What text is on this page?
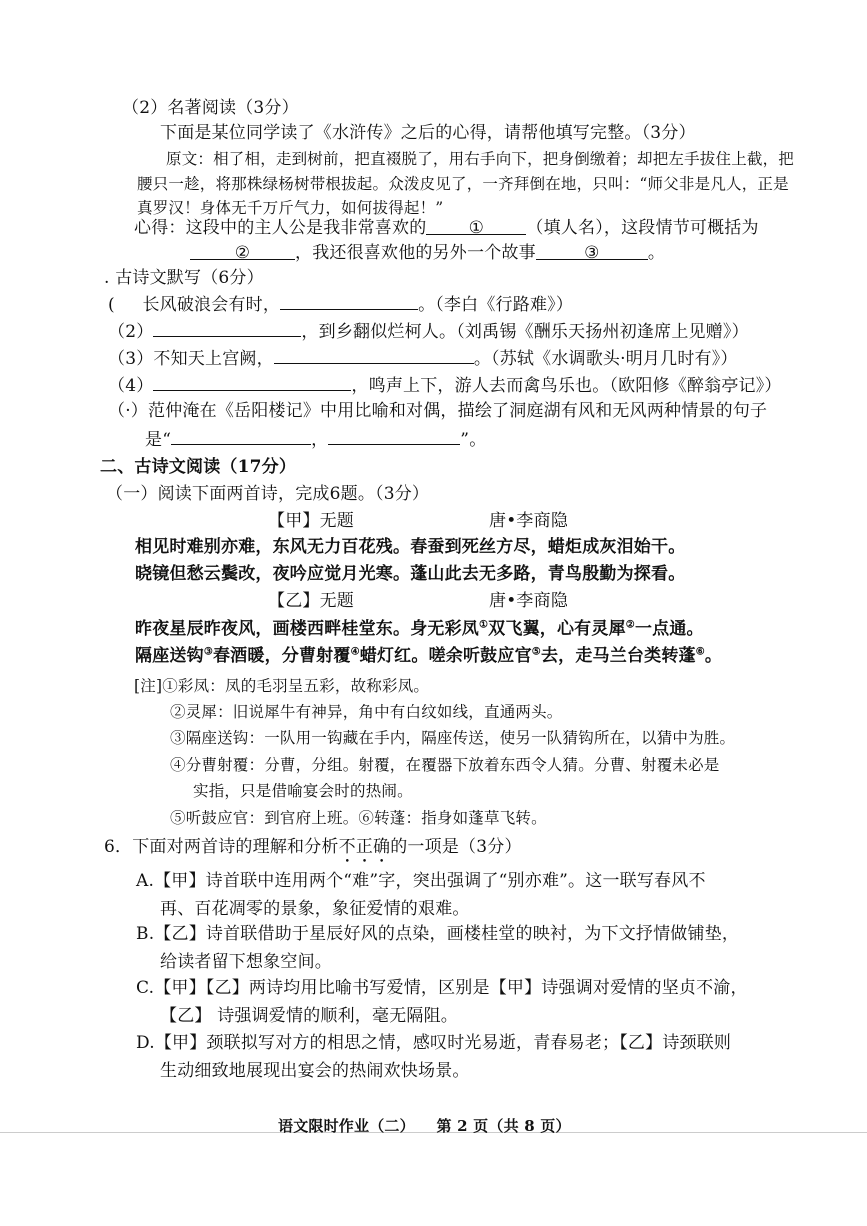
（2）名著阅读（3分）
下面是某位同学读了《水浒传》之后的心得，请帮他填写完整。（3分）
原文：相了相，走到树前，把直裰脱了，用右手向下，把身倒缴着；却把左手拔住上截，把
腰只一趁，将那株绿杨树带根拔起。众泼皮见了，一齐拜倒在地，只叫：“师父非是凡人，正是
真罗汉！身体无千万斤气力，如何拔得起！”
心得：这段中的主人公是我非常喜欢的 ① （填人名），这段情节可概括为
②	，我还很喜欢他的另外一个故事	③	。
. 古诗文默写（6分）
( 长风破浪会有时，	。（李白《行路难》）
（2）	，到乡翻似烂柯人。（刘禹锡《酬乐天扬州初逢席上见赠》）
（3）不知天上宫阙，	。（苏轼《水调歌头·明月几时有》）
（4）	，鸣声上下，游人去而禽鸟乐也。（欧阳修《醉翁亭记》）
（·）范仲淹在《岳阳楼记》中用比喻和对偶，描绘了洞庭湖有风和无风两种情景的句子
是“	，	”。
二、古诗文阅读（17分）
（一）阅读下面两首诗，完成6题。（3分）
【甲】无题	唐•李商隐
相见时难别亦难，东风无力百花残。春蚕到死丝方尽，蜡炬成灰泪始干。
晓镜但愁云鬓改，夜吟应觉月光寒。蓬山此去无多路，青鸟殷勤为探看。
【乙】无题	唐•李商隐
昨夜星辰昨夜风，画楼西畔桂堂东。身无彩凤①双飞翼，心有灵犀②一点通。
隔座送钩③春酒暖，分曹射覆④蜡灯红。嗟余听鼓应官⑤去，走马兰台类转蓬⑥。
[注]①彩凤：凤的毛羽呈五彩，故称彩凤。
②灵犀：旧说犀牛有神异，角中有白纹如线，直通两头。
③隔座送钩：一队用一钩藏在手内，隔座传送，使另一队猜钩所在，以猜中为胜。
④分曹射覆：分曹，分组。射覆，在覆器下放着东西令人猜。分曹、射覆未必是
实指，只是借喻宴会时的热闹。
⑤听鼓应官：到官府上班。⑥转蓬：指身如蓬草飞转。
6．下面对两首诗的理解和分析不正确的一项是（3分）
A.【甲】诗首联中连用两个“难”字，突出强调了“别亦难”。这一联写春风不
再、百花凋零的景象，象征爱情的艰难。
B.【乙】诗首联借助于星辰好风的点染，画楼桂堂的映衬，为下文抒情做铺垫，
给读者留下想象空间。
C.【甲】【乙】两诗均用比喻书写爱情，区别是【甲】诗强调对爱情的坚贞不渝，
【乙】 诗强调爱情的顺利，毫无隔阻。
D.【甲】颈联拟写对方的相思之情，感叹时光易逝，青春易老；【乙】诗颈联则
生动细致地展现出宴会的热闹欢快场景。
语文限时作业（二）    第 2 页（共 8 页）
